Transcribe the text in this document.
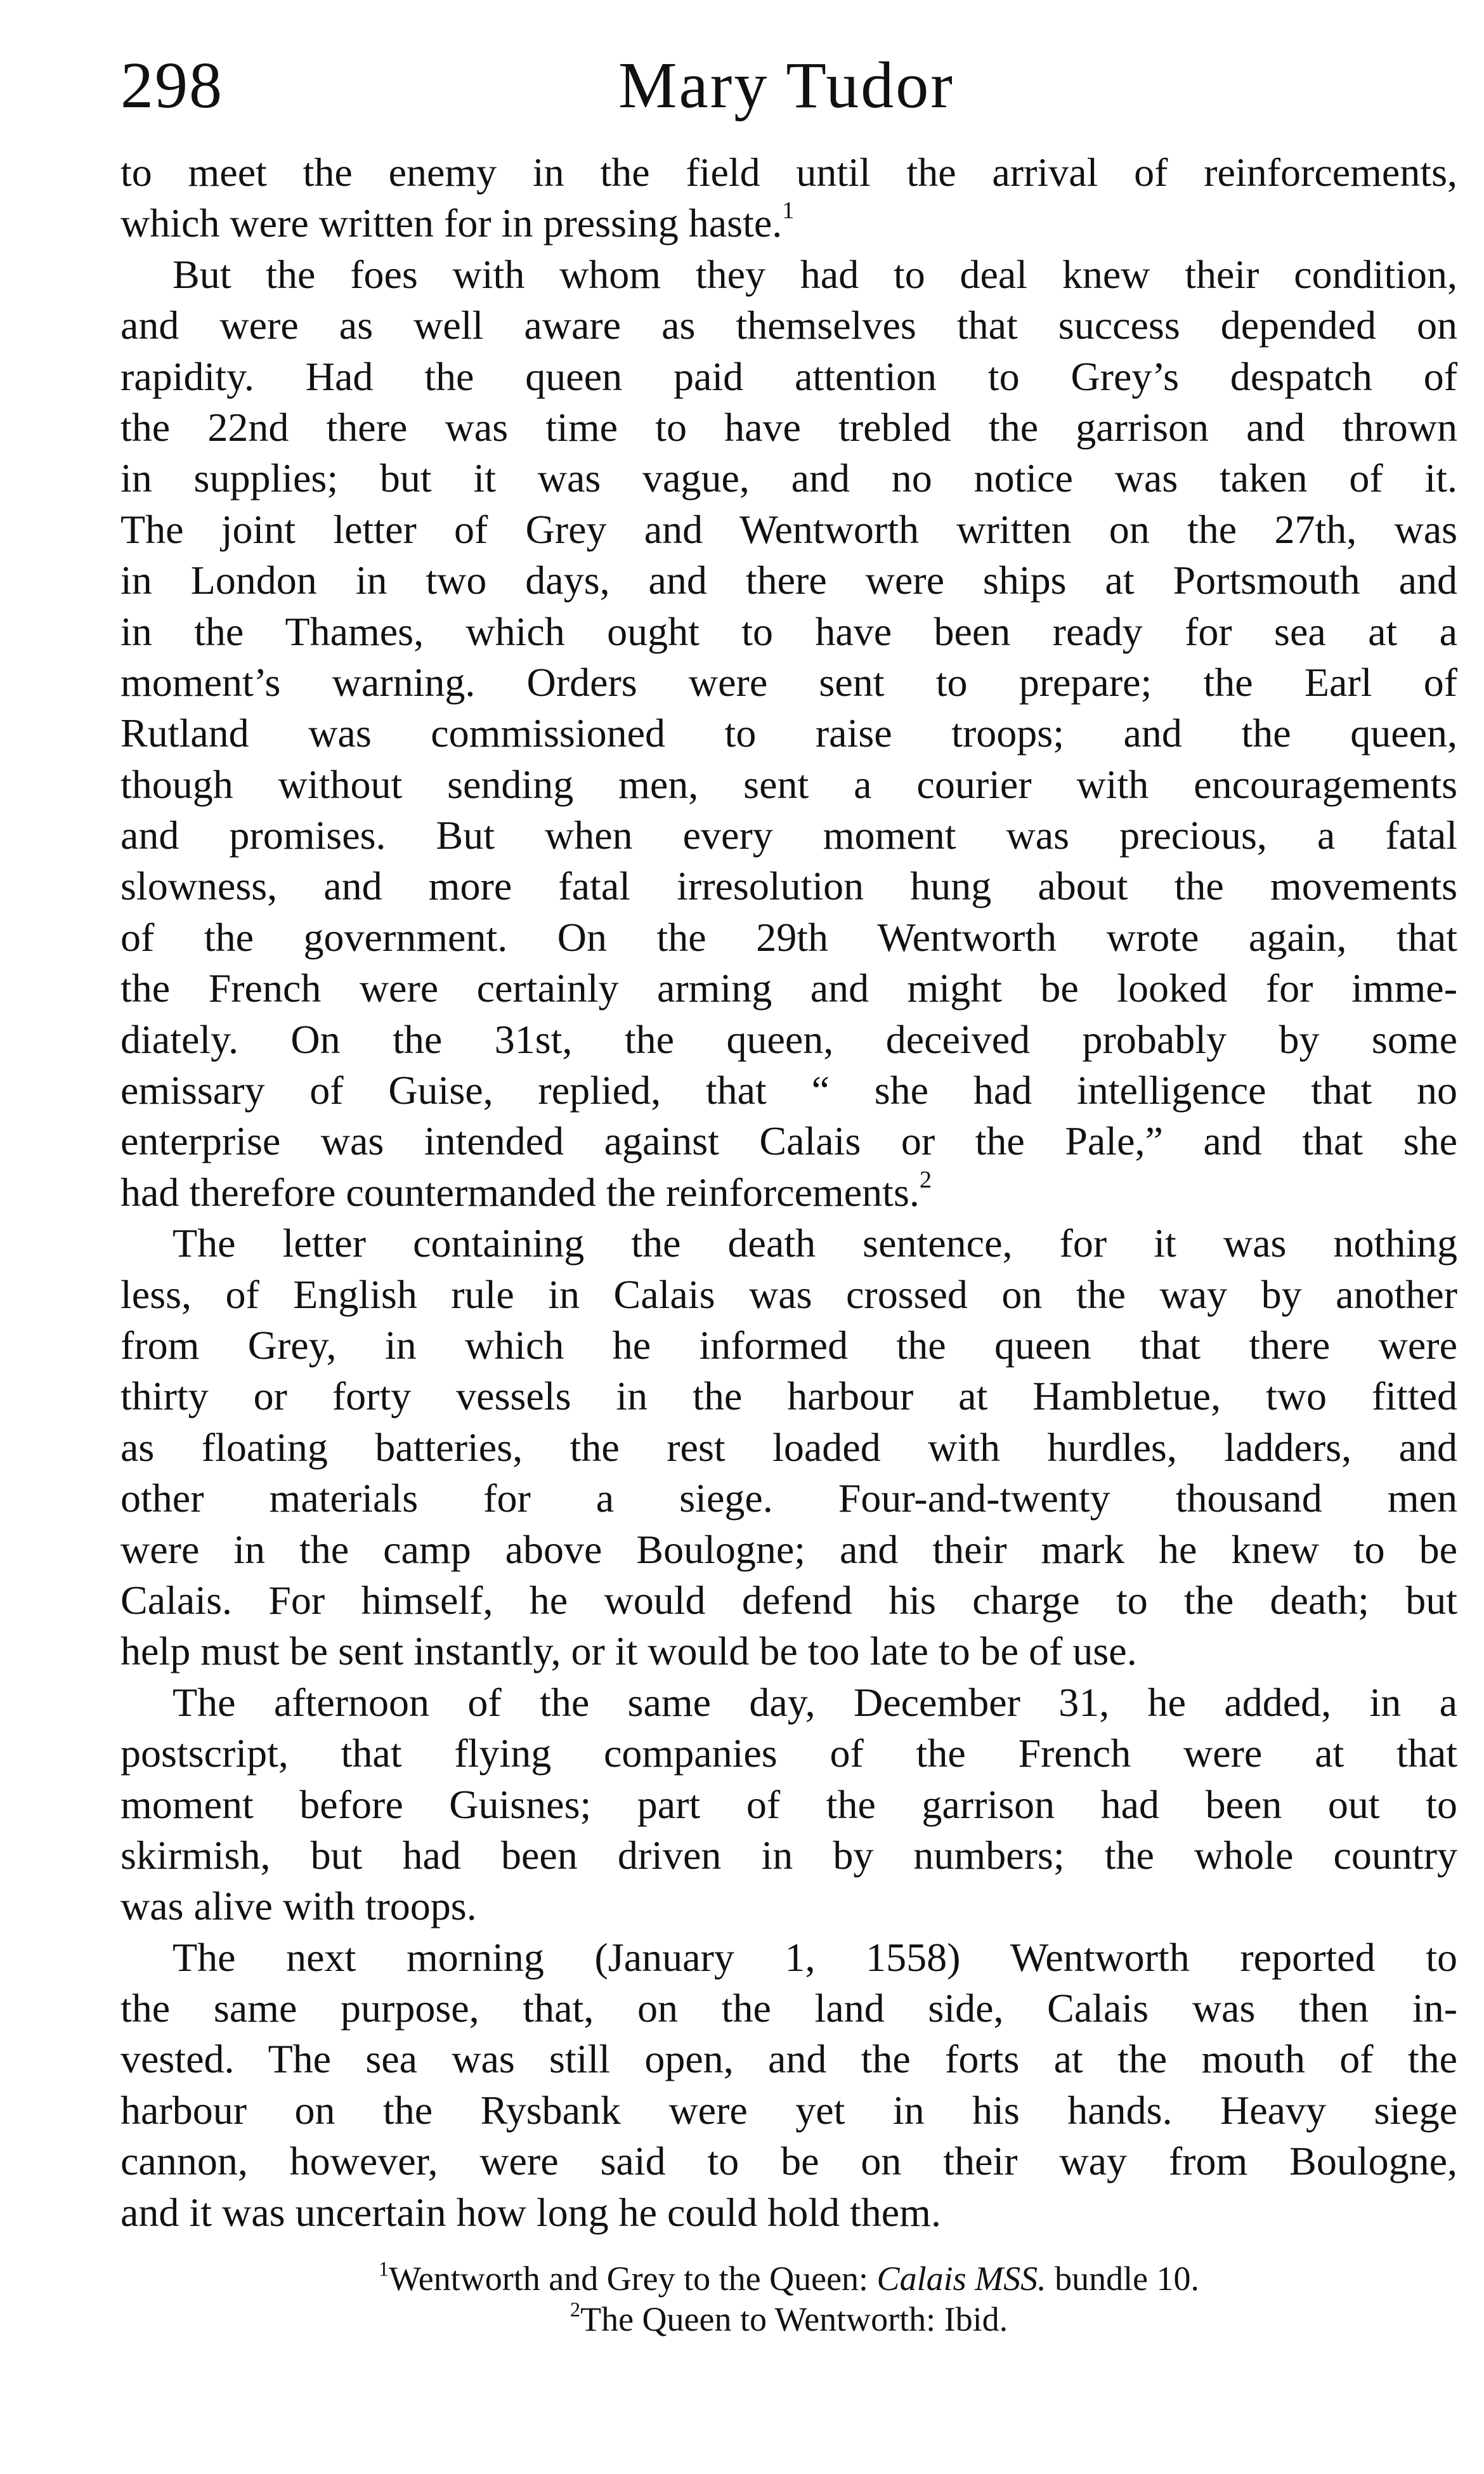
298	Mary Tudor
to meet the enemy in the field until the arrival of reinforcements,
which were written for in pressing haste.$^1$
But the foes with whom they had to deal knew their condition,
and were as well aware as themselves that success depended on
rapidity. Had the queen paid attention to Grey’s despatch of
the 22nd there was time to have trebled the garrison and thrown
in supplies; but it was vague, and no notice was taken of it.
The joint letter of Grey and Wentworth written on the 27th, was
in London in two days, and there were ships at Portsmouth and
in the Thames, which ought to have been ready for sea at a
moment’s warning. Orders were sent to prepare; the Earl of
Rutland was commissioned to raise troops; and the queen,
though without sending men, sent a courier with encouragements
and promises. But when every moment was precious, a fatal
slowness, and more fatal irresolution hung about the movements
of the government. On the 29th Wentworth wrote again, that
the French were certainly arming and might be looked for imme-
diately. On the 31st, the queen, deceived probably by some
emissary of Guise, replied, that “ she had intelligence that no
enterprise was intended against Calais or the Pale,” and that she
had therefore countermanded the reinforcements.$^2$
The letter containing the death sentence, for it was nothing
less, of English rule in Calais was crossed on the way by another
from Grey, in which he informed the queen that there were
thirty or forty vessels in the harbour at Hambletue, two fitted
as floating batteries, the rest loaded with hurdles, ladders, and
other materials for a siege. Four-and-twenty thousand men
were in the camp above Boulogne; and their mark he knew to be
Calais. For himself, he would defend his charge to the death; but
help must be sent instantly, or it would be too late to be of use.
The afternoon of the same day, December 31, he added, in a
postscript, that flying companies of the French were at that
moment before Guisnes; part of the garrison had been out to
skirmish, but had been driven in by numbers; the whole country
was alive with troops.
The next morning (January 1, 1558) Wentworth reported to
the same purpose, that, on the land side, Calais was then in-
vested. The sea was still open, and the forts at the mouth of the
harbour on the Rysbank were yet in his hands. Heavy siege
cannon, however, were said to be on their way from Boulogne,
and it was uncertain how long he could hold them.
$^1$Wentworth and Grey to the Queen: Calais MSS. bundle 10.
$^2$The Queen to Wentworth: Ibid.
